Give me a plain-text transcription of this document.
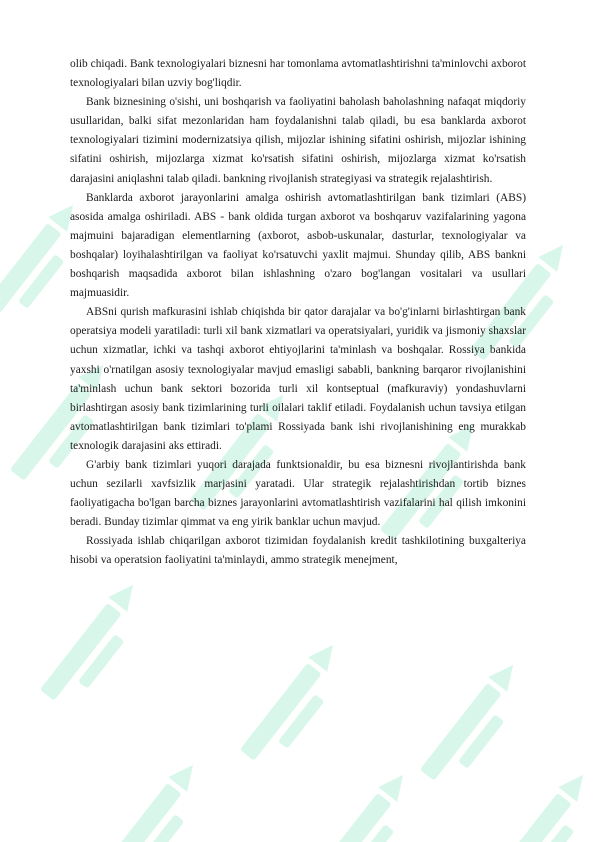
olib chiqadi. Bank texnologiyalari biznesni har tomonlama avtomatlashtirishni ta'minlovchi axborot texnologiyalari bilan uzviy bog'liqdir.

Bank biznesining o'sishi, uni boshqarish va faoliyatini baholash baholashning nafaqat miqdoriy usullaridan, balki sifat mezonlaridan ham foydalanishni talab qiladi, bu esa banklarda axborot texnologiyalari tizimini modernizatsiya qilish, mijozlar ishining sifatini oshirish, mijozlar ishining sifatini oshirish, mijozlarga xizmat ko'rsatish sifatini oshirish, mijozlarga xizmat ko'rsatish darajasini aniqlashni talab qiladi. bankning rivojlanish strategiyasi va strategik rejalashtirish.

Banklarda axborot jarayonlarini amalga oshirish avtomatlashtirilgan bank tizimlari (ABS) asosida amalga oshiriladi. ABS - bank oldida turgan axborot va boshqaruv vazifalarining yagona majmuini bajaradigan elementlarning (axborot, asbob-uskunalar, dasturlar, texnologiyalar va boshqalar) loyihalashtirilgan va faoliyat ko'rsatuvchi yaxlit majmui. Shunday qilib, ABS bankni boshqarish maqsadida axborot bilan ishlashning o'zaro bog'langan vositalari va usullari majmuasidir.

ABSni qurish mafkurasini ishlab chiqishda bir qator darajalar va bo'g'inlarni birlashtirgan bank operatsiya modeli yaratiladi: turli xil bank xizmatlari va operatsiyalari, yuridik va jismoniy shaxslar uchun xizmatlar, ichki va tashqi axborot ehtiyojlarini ta'minlash va boshqalar. Rossiya bankida yaxshi o'rnatilgan asosiy texnologiyalar mavjud emasligi sababli, bankning barqaror rivojlanishini ta'minlash uchun bank sektori bozorida turli xil kontseptual (mafkuraviy) yondashuvlarni birlashtirgan asosiy bank tizimlarining turli oilalari taklif etiladi. Foydalanish uchun tavsiya etilgan avtomatlashtirilgan bank tizimlari to'plami Rossiyada bank ishi rivojlanishining eng murakkab texnologik darajasini aks ettiradi.

G'arbiy bank tizimlari yuqori darajada funktsionaldir, bu esa biznesni rivojlantirishda bank uchun sezilarli xavfsizlik marjasini yaratadi. Ular strategik rejalashtirishdan tortib biznes faoliyatigacha bo'lgan barcha biznes jarayonlarini avtomatlashtirish vazifalarini hal qilish imkonini beradi. Bunday tizimlar qimmat va eng yirik banklar uchun mavjud.

Rossiyada ishlab chiqarilgan axborot tizimidan foydalanish kredit tashkilotining buxgalteriya hisobi va operatsion faoliyatini ta'minlaydi, ammo strategik menejment,
